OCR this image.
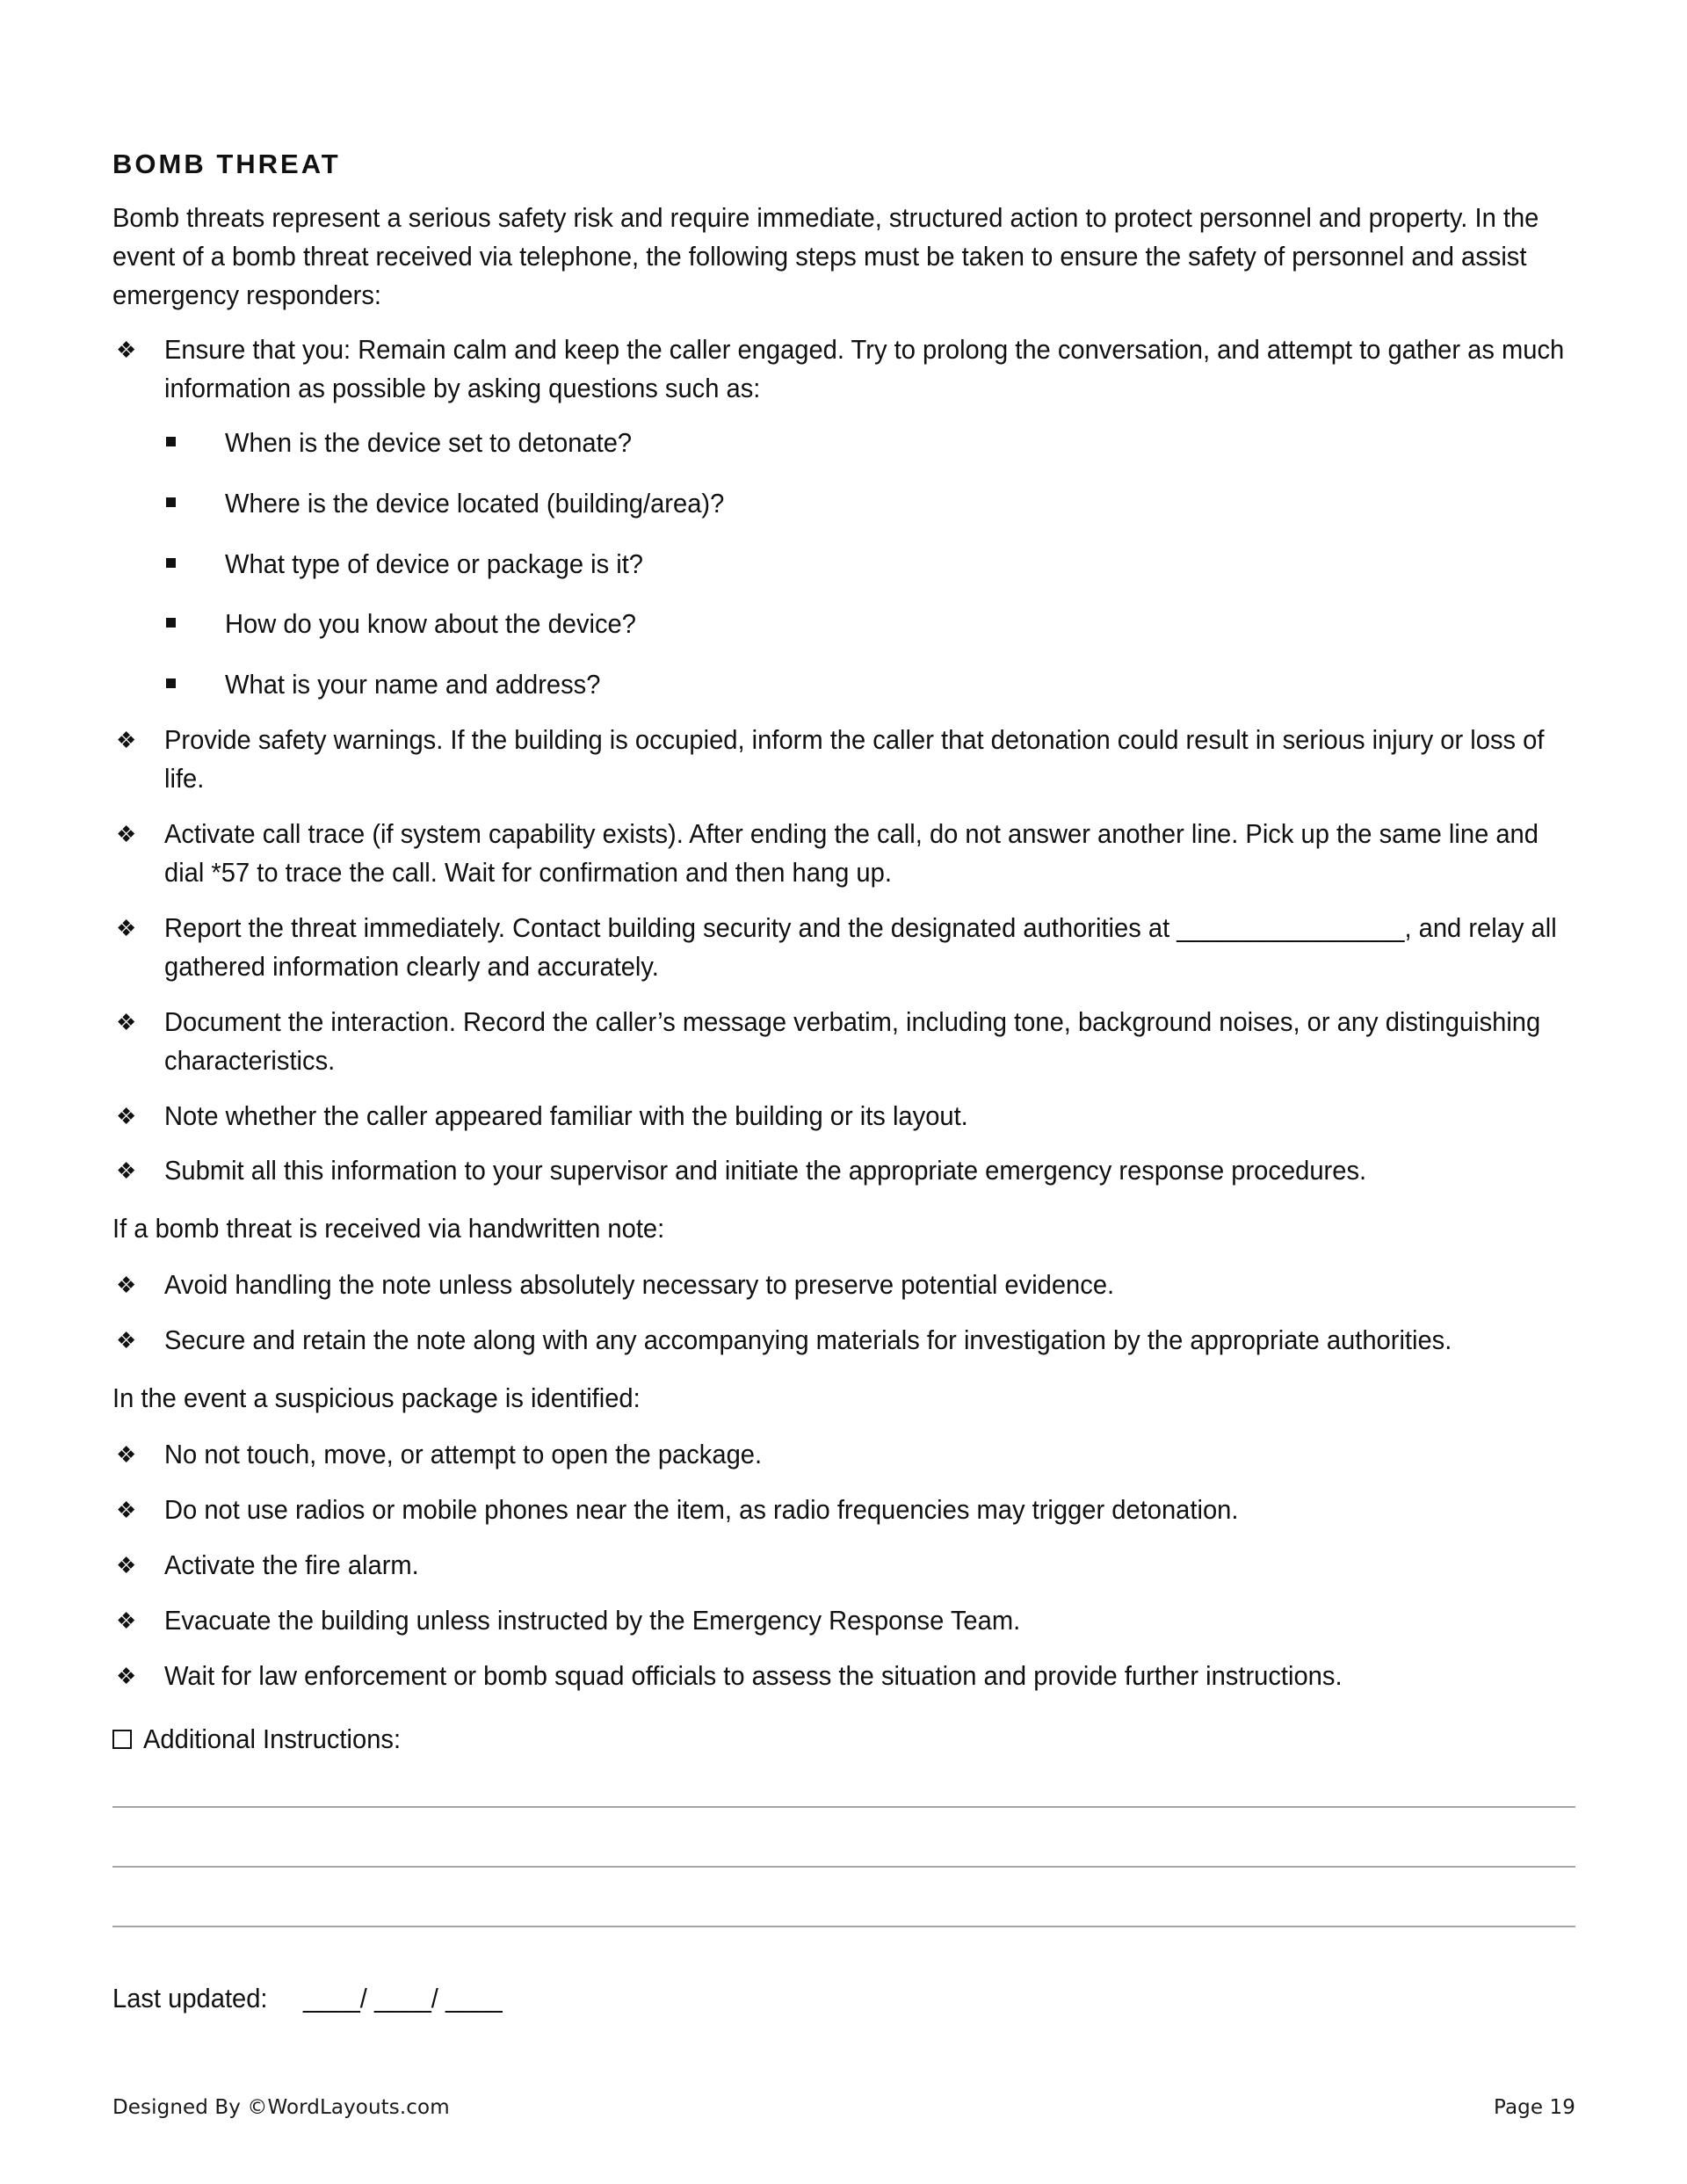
BOMB THREAT

Bomb threats represent a serious safety risk and require immediate, structured action to protect personnel and property. In the event of a bomb threat received via telephone, the following steps must be taken to ensure the safety of personnel and assist emergency responders:

❖	Ensure that you: Remain calm and keep the caller engaged. Try to prolong the conversation, and attempt to gather as much information as possible by asking questions such as:
When is the device set to detonate?
Where is the device located (building/area)?
What type of device or package is it?
How do you know about the device?
What is your name and address?
❖	Provide safety warnings. If the building is occupied, inform the caller that detonation could result in serious injury or loss of life.
❖	Activate call trace (if system capability exists). After ending the call, do not answer another line. Pick up the same line and dial *57 to trace the call. Wait for confirmation and then hang up.
❖	Report the threat immediately. Contact building security and the designated authorities at ________________, and relay all gathered information clearly and accurately.
❖	Document the interaction. Record the caller’s message verbatim, including tone, background noises, or any distinguishing characteristics.
❖	Note whether the caller appeared familiar with the building or its layout.
❖	Submit all this information to your supervisor and initiate the appropriate emergency response procedures.

If a bomb threat is received via handwritten note:

❖	Avoid handling the note unless absolutely necessary to preserve potential evidence.
❖	Secure and retain the note along with any accompanying materials for investigation by the appropriate authorities.

In the event a suspicious package is identified:

❖	No not touch, move, or attempt to open the package.
❖	Do not use radios or mobile phones near the item, as radio frequencies may trigger detonation.
❖	Activate the fire alarm.
❖	Evacuate the building unless instructed by the Emergency Response Team.
❖	Wait for law enforcement or bomb squad officials to assess the situation and provide further instructions.
Additional Instructions:
Last updated:     ____/ ____/ ____
Designed By ©WordLayouts.com	Page 19
